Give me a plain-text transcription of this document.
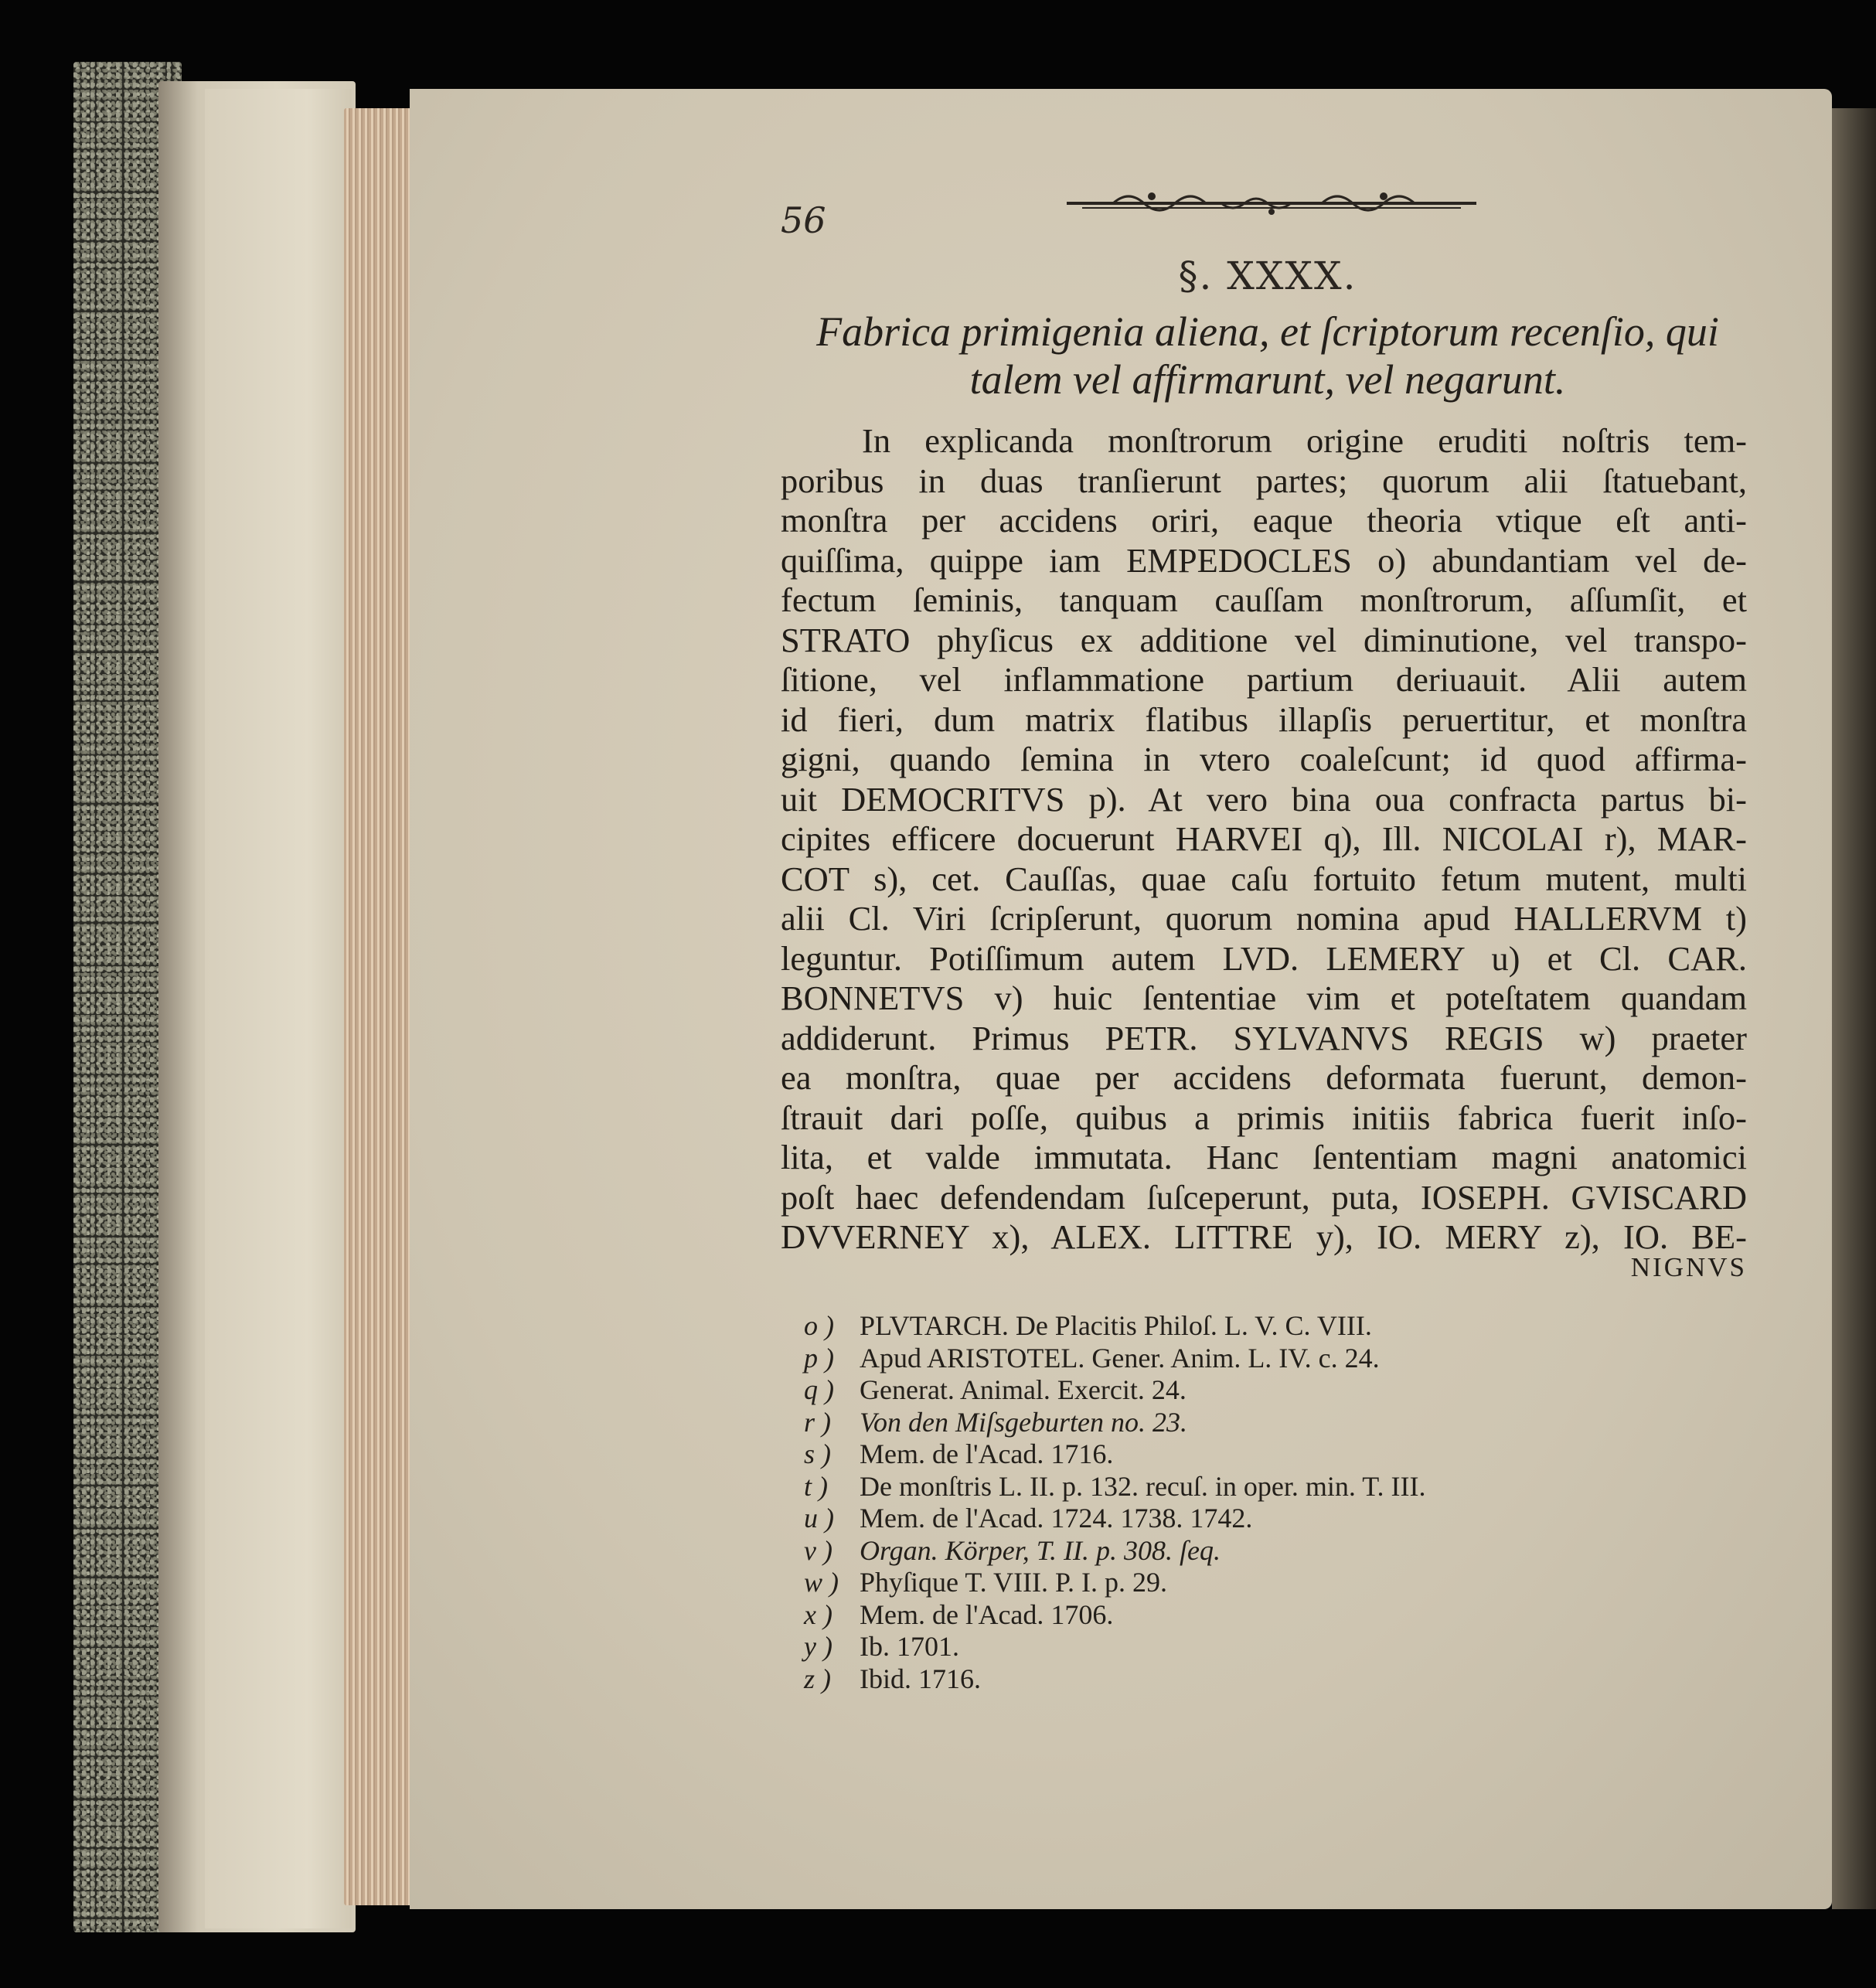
56
§. XXXX.
Fabrica primigenia aliena, et ſcriptorum recenſio, qui
talem vel affirmarunt, vel negarunt.
In explicanda monſtrorum origine eruditi noſtris tem-
poribus in duas tranſierunt partes; quorum alii ſtatuebant,
monſtra per accidens oriri, eaque theoria vtique eſt anti-
quiſſima, quippe iam EMPEDOCLES o) abundantiam vel de-
fectum ſeminis, tanquam cauſſam monſtrorum, aſſumſit, et
STRATO phyſicus ex additione vel diminutione, vel transpo-
ſitione, vel inflammatione partium deriuauit. Alii autem
id fieri, dum matrix flatibus illapſis peruertitur, et monſtra
gigni, quando ſemina in vtero coaleſcunt; id quod affirma-
uit DEMOCRITVS p). At vero bina oua confracta partus bi-
cipites efficere docuerunt HARVEI q), Ill. NICOLAI r), MAR-
COT s), cet. Cauſſas, quae caſu fortuito fetum mutent, multi
alii Cl. Viri ſcripſerunt, quorum nomina apud HALLERVM t)
leguntur. Potiſſimum autem LVD. LEMERY u) et Cl. CAR.
BONNETVS v) huic ſententiae vim et poteſtatem quandam
addiderunt. Primus PETR. SYLVANVS REGIS w) praeter
ea monſtra, quae per accidens deformata fuerunt, demon-
ſtrauit dari poſſe, quibus a primis initiis fabrica fuerit inſo-
lita, et valde immutata. Hanc ſententiam magni anatomici
poſt haec defendendam ſuſceperunt, puta, IOSEPH. GVISCARD
DVVERNEY x), ALEX. LITTRE y), IO. MERY z), IO. BE-
NIGNVS
o ) PLVTARCH. De Placitis Philoſ. L. V. C. VIII.
p ) Apud ARISTOTEL. Gener. Anim. L. IV. c. 24.
q ) Generat. Animal. Exercit. 24.
r ) Von den Miſsgeburten no. 23.
s ) Mem. de l'Acad. 1716.
t ) De monſtris L. II. p. 132. recuſ. in oper. min. T. III.
u ) Mem. de l'Acad. 1724. 1738. 1742.
v ) Organ. Körper, T. II. p. 308. ſeq.
w ) Phyſique T. VIII. P. I. p. 29.
x ) Mem. de l'Acad. 1706.
y ) Ib. 1701.
z ) Ibid. 1716.
